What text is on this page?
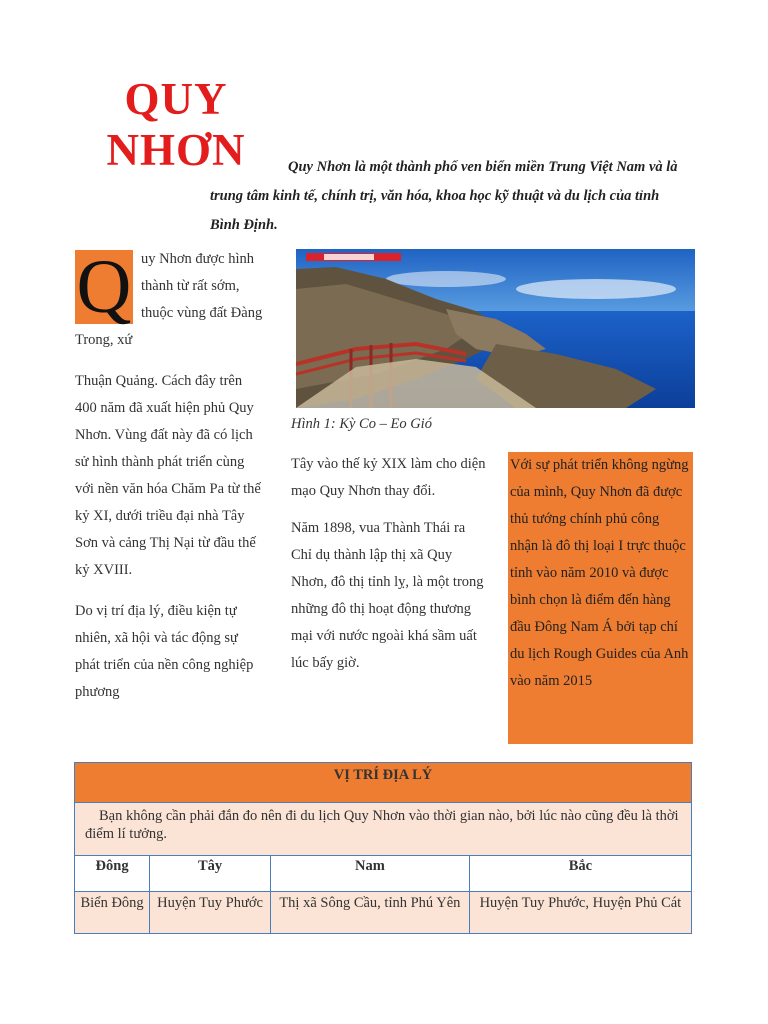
QUY
NHƠN	Quy Nhơn là một thành phố ven biển miền Trung Việt Nam và là trung tâm kinh tế, chính trị, văn hóa, khoa học kỹ thuật và du lịch của tỉnh Bình Định.

Q uy Nhơn được hình thành từ rất sớm, thuộc vùng đất Đàng Trong, xứ

Thuận Quảng. Cách đây trên 400 năm đã xuất hiện phủ Quy Nhơn. Vùng đất này đã có lịch sử hình thành phát triển cùng với nền văn hóa Chăm Pa từ thế kỷ XI, dưới triều đại nhà Tây Sơn và cảng Thị Nại từ đầu thế kỷ XVIII.

Do vị trí địa lý, điều kiện tự nhiên, xã hội và tác động sự phát triển của nền công nghiệp phương

Hình 1: Kỳ Co – Eo Gió

Tây vào thế kỷ XIX làm cho diện mạo Quy Nhơn thay đổi.

Năm 1898, vua Thành Thái ra Chỉ dụ thành lập thị xã Quy Nhơn, đô thị tỉnh lỵ, là một trong những đô thị hoạt động thương mại với nước ngoài khá sầm uất lúc bấy giờ.

Với sự phát triển không ngừng của mình, Quy Nhơn đã được thủ tướng chính phủ công nhận là đô thị loại I trực thuộc tỉnh vào năm 2010 và được bình chọn là điểm đến hàng đầu Đông Nam Á bởi tạp chí du lịch Rough Guides của Anh vào năm 2015
VỊ TRÍ ĐỊA LÝ			
Bạn không cần phải đắn đo nên đi du lịch Quy Nhơn vào thời gian nào, bởi lúc nào cũng đều là thời điểm lí tưởng.			
Đông	Tây	Nam	Bắc
Biển Đông	Huyện Tuy Phước	Thị xã Sông Cầu, tỉnh Phú Yên	Huyện Tuy Phước, Huyện Phủ Cát
